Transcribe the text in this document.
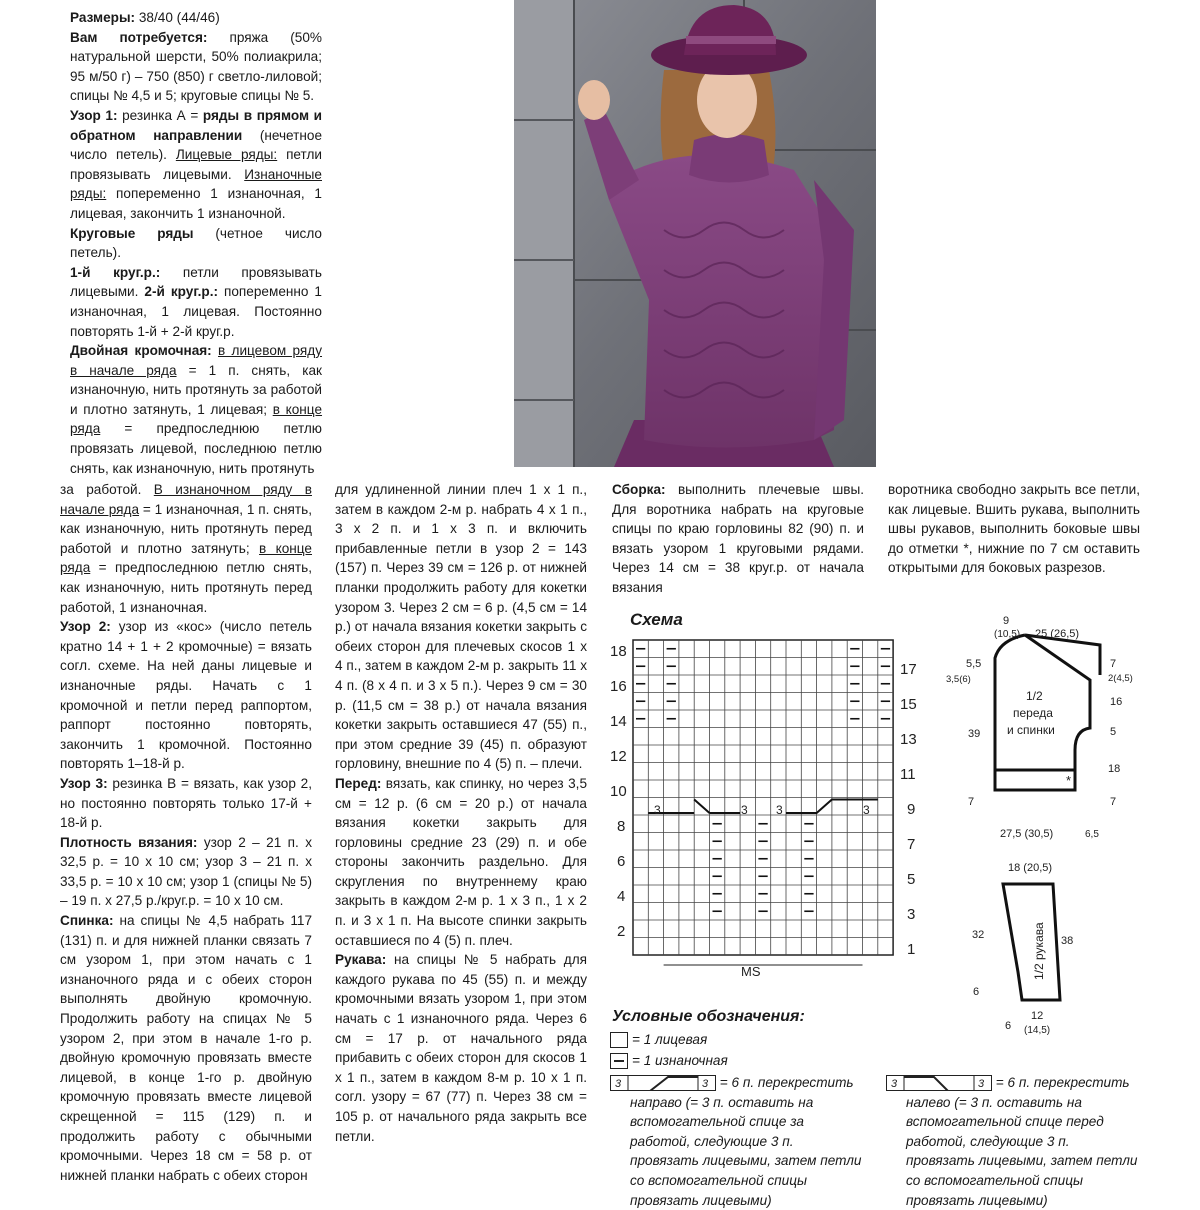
Размеры: 38/40 (44/46)

Вам потребуется: пряжа (50% натуральной шерсти, 50% полиакрила; 95 м/50 г) – 750 (850) г светло-лиловой; спицы № 4,5 и 5; круговые спицы № 5.

Узор 1: резинка А = ряды в прямом и обратном направлении (нечетное число петель). Лицевые ряды: петли провязывать лицевыми. Изнаночные ряды: попеременно 1 изнаночная, 1 лицевая, закончить 1 изнаночной.

Круговые ряды (четное число петель).

1-й круг.р.: петли провязывать лицевыми. 2-й круг.р.: попеременно 1 изнаночная, 1 лицевая. Постоянно повторять 1-й + 2-й круг.р.

Двойная кромочная: в лицевом ряду в начале ряда = 1 п. снять, как изнаночную, нить протянуть за работой и плотно затянуть, 1 лицевая; в конце ряда = предпоследнюю петлю провязать лицевой, последнюю петлю снять, как изнаночную, нить протянуть

за работой. В изнаночном ряду в начале ряда = 1 изнаночная, 1 п. снять, как изнаночную, нить протянуть перед работой и плотно затянуть; в конце ряда = предпоследнюю петлю снять, как изнаночную, нить протянуть перед работой, 1 изнаночная.

Узор 2: узор из «кос» (число петель кратно 14 + 1 + 2 кромочные) = вязать согл. схеме. На ней даны лицевые и изнаночные ряды. Начать с 1 кромочной и петли перед раппортом, раппорт постоянно повторять, закончить 1 кромочной. Постоянно повторять 1–18-й р.

Узор 3: резинка В = вязать, как узор 2, но постоянно повторять только 17-й + 18-й р.

Плотность вязания: узор 2 – 21 п. х 32,5 р. = 10 х 10 см; узор 3 – 21 п. х 33,5 р. = 10 х 10 см; узор 1 (спицы № 5) – 19 п. х 27,5 р./круг.р. = 10 х 10 см.

Спинка: на спицы № 4,5 набрать 117 (131) п. и для нижней планки связать 7 см узором 1, при этом начать с 1 изнаночного ряда и с обеих сторон выполнять двойную кромочную. Продолжить работу на спицах № 5 узором 2, при этом в начале 1-го р. двойную кромочную провязать вместе лицевой, в конце 1-го р. двойную кромочную провязать вместе лицевой скрещенной = 115 (129) п. и продолжить работу с обычными кромочными. Через 18 см = 58 р. от нижней планки набрать с обеих сторон

для удлиненной линии плеч 1 х 1 п., затем в каждом 2-м р. набрать 4 х 1 п., 3 х 2 п. и 1 х 3 п. и включить прибавленные петли в узор 2 = 143 (157) п. Через 39 см = 126 р. от нижней планки продолжить работу для кокетки узором 3. Через 2 см = 6 р. (4,5 см = 14 р.) от начала вязания кокетки закрыть с обеих сторон для плечевых скосов 1 х 4 п., затем в каждом 2-м р. закрыть 11 х 4 п. (8 х 4 п. и 3 х 5 п.). Через 9 см = 30 р. (11,5 см = 38 р.) от начала вязания кокетки закрыть оставшиеся 47 (55) п., при этом средние 39 (45) п. образуют горловину, внешние по 4 (5) п. – плечи.

Перед: вязать, как спинку, но через 3,5 см = 12 р. (6 см = 20 р.) от начала вязания кокетки закрыть для горловины средние 23 (29) п. и обе стороны закончить раздельно. Для скругления по внутреннему краю закрыть в каждом 2-м р. 1 х 3 п., 1 х 2 п. и 3 х 1 п. На высоте спинки закрыть оставшиеся по 4 (5) п. плеч.

Рукава: на спицы № 5 набрать для каждого рукава по 45 (55) п. и между кромочными вязать узором 1, при этом начать с 1 изнаночного ряда. Через 6 см = 17 р. от начального ряда прибавить с обеих сторон для скосов 1 х 1 п., затем в каждом 8-м р. 10 х 1 п. согл. узору = 67 (77) п. Через 38 см = 105 р. от начального ряда закрыть все петли.

Сборка: выполнить плечевые швы. Для воротника набрать на круговые спицы по краю горловины 82 (90) п. и вязать узором 1 круговыми рядами. Через 14 см = 38 круг.р. от начала вязания

воротника свободно закрыть все петли, как лицевые. Вшить рукава, выполнить швы рукавов, выполнить боковые швы до отметки *, нижние по 7 см оставить открытыми для боковых разрезов.

Схема
18
16
14
12
10
8
6
4
2
17
15
13
11
9
7
5
3
1
3	3 3	3
MS
9
(10,5) 25 (26,5)
5,5
3,5(6)
7
2(4,5)
1/2
переда
и спинки
39
16
5
18
7	7
*
27,5 (30,5)	6,5
18 (20,5)
32	38
1/2 рукава
6
6
12
(14,5)
Условные обозначения:
= 1 лицевая
= 1 изнаночная
3	3 = 6 п. перекрестить
направо (= 3 п. оставить на вспомогательной спице за работой, следующие 3 п. провязать лицевыми, затем петли со вспомогательной спицы провязать лицевыми)
3	3 = 6 п. перекрестить
налево (= 3 п. оставить на вспомогательной спице перед работой, следующие 3 п. провязать лицевыми, затем петли со вспомогательной спицы провязать лицевыми)
